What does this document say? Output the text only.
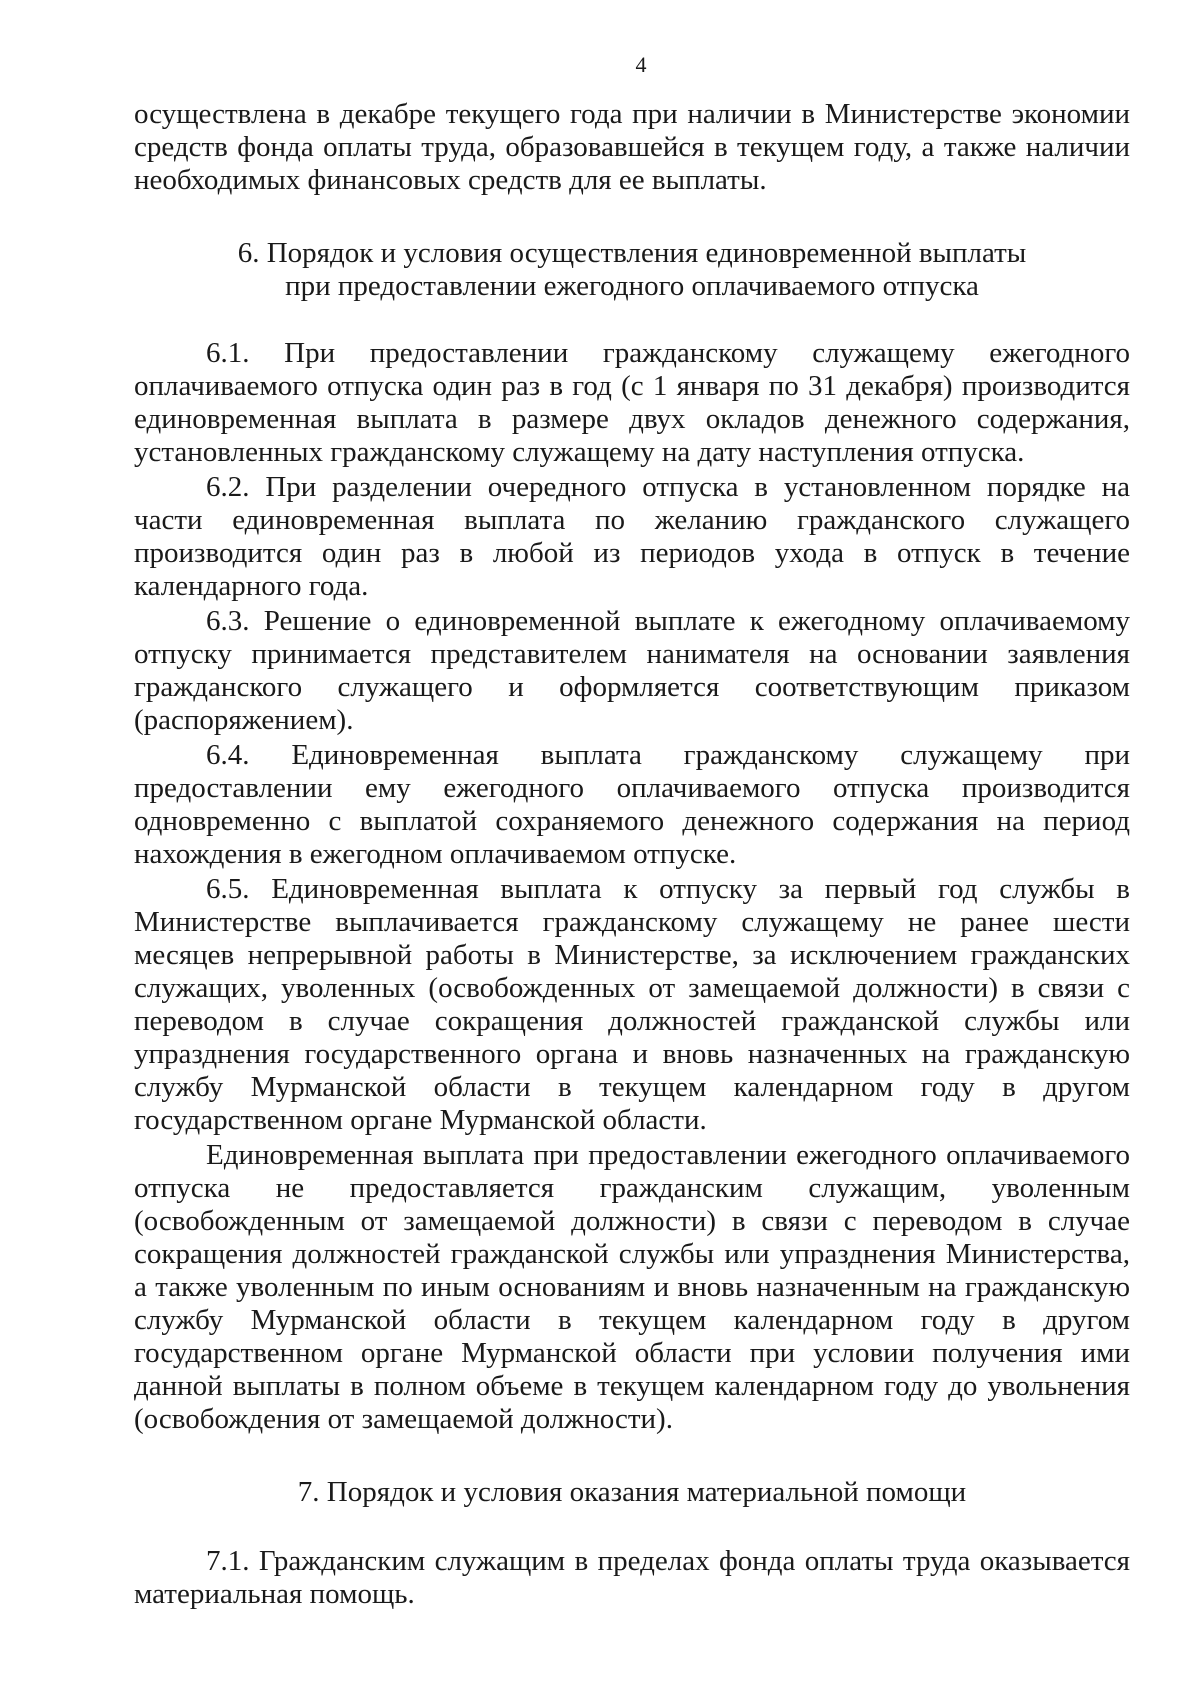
4

осуществлена в декабре текущего года при наличии в Министерстве экономии средств фонда оплаты труда, образовавшейся в текущем году, а также наличии необходимых финансовых средств для ее выплаты.

6. Порядок и условия осуществления единовременной выплаты
при предоставлении ежегодного оплачиваемого отпуска

6.1. При предоставлении гражданскому служащему ежегодного оплачиваемого отпуска один раз в год (с 1 января по 31 декабря) производится единовременная выплата в размере двух окладов денежного содержания, установленных гражданскому служащему на дату наступления отпуска.

6.2. При разделении очередного отпуска в установленном порядке на части единовременная выплата по желанию гражданского служащего производится один раз в любой из периодов ухода в отпуск в течение календарного года.

6.3. Решение о единовременной выплате к ежегодному оплачиваемому отпуску принимается представителем нанимателя на основании заявления гражданского служащего и оформляется соответствующим приказом (распоряжением).

6.4. Единовременная выплата гражданскому служащему при предоставлении ему ежегодного оплачиваемого отпуска производится одновременно с выплатой сохраняемого денежного содержания на период нахождения в ежегодном оплачиваемом отпуске.

6.5. Единовременная выплата к отпуску за первый год службы в Министерстве выплачивается гражданскому служащему не ранее шести месяцев непрерывной работы в Министерстве, за исключением гражданских служащих, уволенных (освобожденных от замещаемой должности) в связи с переводом в случае сокращения должностей гражданской службы или упразднения государственного органа и вновь назначенных на гражданскую службу Мурманской области в текущем календарном году в другом государственном органе Мурманской области.

Единовременная выплата при предоставлении ежегодного оплачиваемого отпуска не предоставляется гражданским служащим, уволенным (освобожденным от замещаемой должности) в связи с переводом в случае сокращения должностей гражданской службы или упразднения Министерства, а также уволенным по иным основаниям и вновь назначенным на гражданскую службу Мурманской области в текущем календарном году в другом государственном органе Мурманской области при условии получения ими данной выплаты в полном объеме в текущем календарном году до увольнения (освобождения от замещаемой должности).

7. Порядок и условия оказания материальной помощи

7.1. Гражданским служащим в пределах фонда оплаты труда оказывается материальная помощь.
